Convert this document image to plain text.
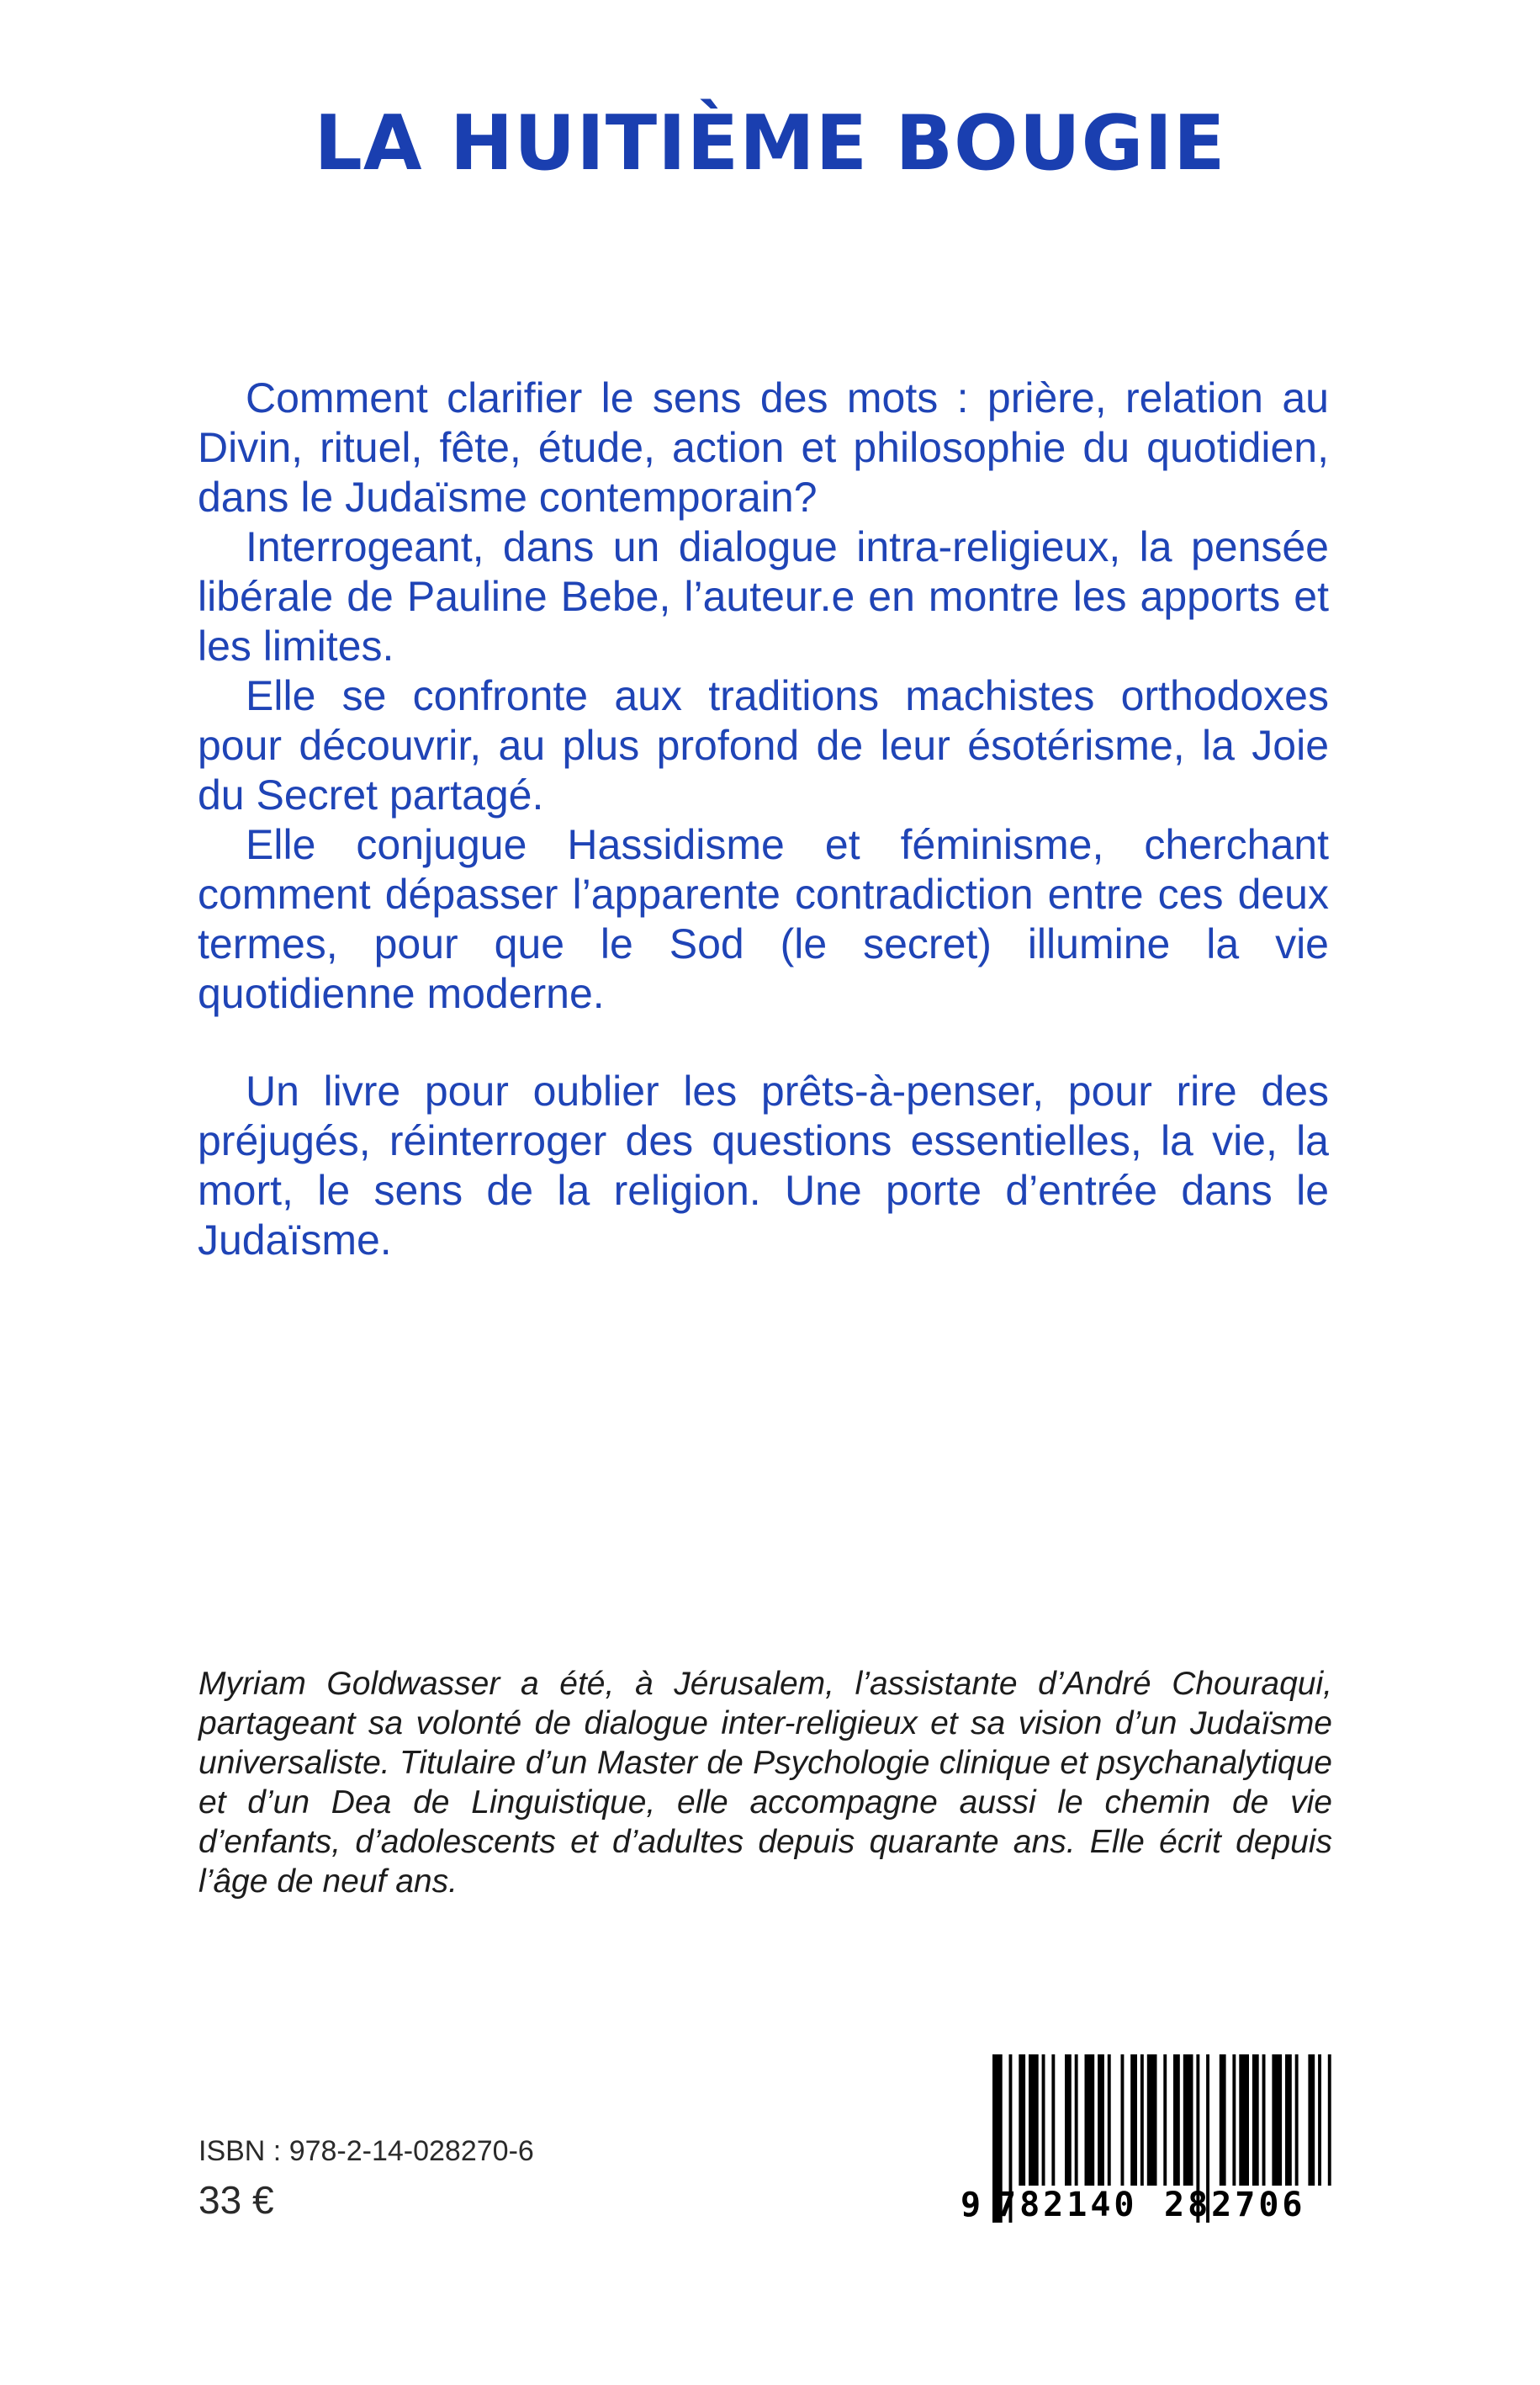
LA HUITIÈME BOUGIE

Comment clarifier le sens des mots : prière, relation au Divin, rituel, fête, étude, action et philosophie du quotidien, dans le Judaïsme contemporain?

Interrogeant, dans un dialogue intra-religieux, la pensée libérale de Pauline Bebe, l’auteur.e en montre les apports et les limites.

Elle se confronte aux traditions machistes orthodoxes pour découvrir, au plus profond de leur ésotérisme, la Joie du Secret partagé.

Elle conjugue Hassidisme et féminisme, cherchant comment dépasser l’apparente contradiction entre ces deux termes, pour que le Sod (le secret) illumine la vie quotidienne moderne.

Un livre pour oublier les prêts-à-penser, pour rire des préjugés, réinterroger des questions essentielles, la vie, la mort, le sens de la religion. Une porte d’entrée dans le Judaïsme.

Myriam Goldwasser a été, à Jérusalem, l’assistante d’André Chouraqui, partageant sa volonté de dialogue inter-religieux et sa vision d’un Judaïsme universaliste. Titulaire d’un Master de Psychologie clinique et psychanalytique et d’un Dea de Linguistique, elle accompagne aussi le chemin de vie d’enfants, d’adolescents et d’adultes depuis quarante ans. Elle écrit depuis l’âge de neuf ans.

ISBN : 978-2-14-028270-6

33 €	9 782140 282706
